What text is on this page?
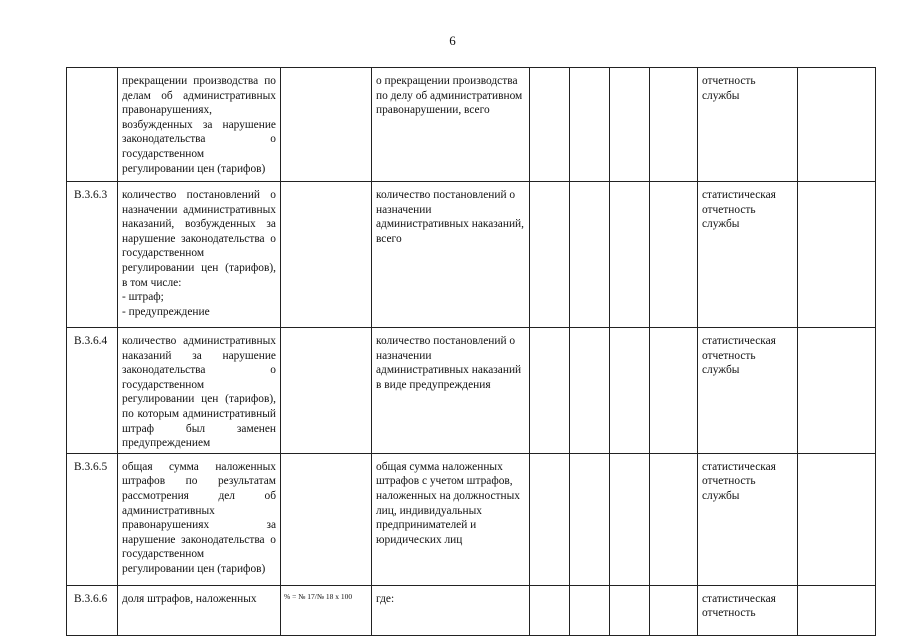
6
	прекращении производства по делам об административных правонарушениях, возбужденных за нарушение законодательства о государственном регулировании цен (тарифов)		о прекращении производства по делу об административном правонарушении, всего					отчетность службы	
В.3.6.3	количество постановлений о назначении административных наказаний, возбужденных за нарушение законодательства о государственном регулировании цен (тарифов), в том числе:
- штраф;
- предупреждение		количество постановлений о назначении административных наказаний, всего					статистическая отчетность службы	
В.3.6.4	количество административных наказаний за нарушение законодательства о государственном регулировании цен (тарифов), по которым административный штраф был заменен предупреждением		количество постановлений о назначении административных наказаний в виде предупреждения					статистическая отчетность службы	
В.3.6.5	общая сумма наложенных штрафов по результатам рассмотрения дел об административных правонарушениях за нарушение законодательства о государственном регулировании цен (тарифов)		общая сумма наложенных штрафов с учетом штрафов, наложенных на должностных лиц, индивидуальных предпринимателей и юридических лиц					статистическая отчетность службы	
В.3.6.6	доля штрафов, наложенных	% = № 17/№ 18 x 100	где:					статистическая отчетность	
